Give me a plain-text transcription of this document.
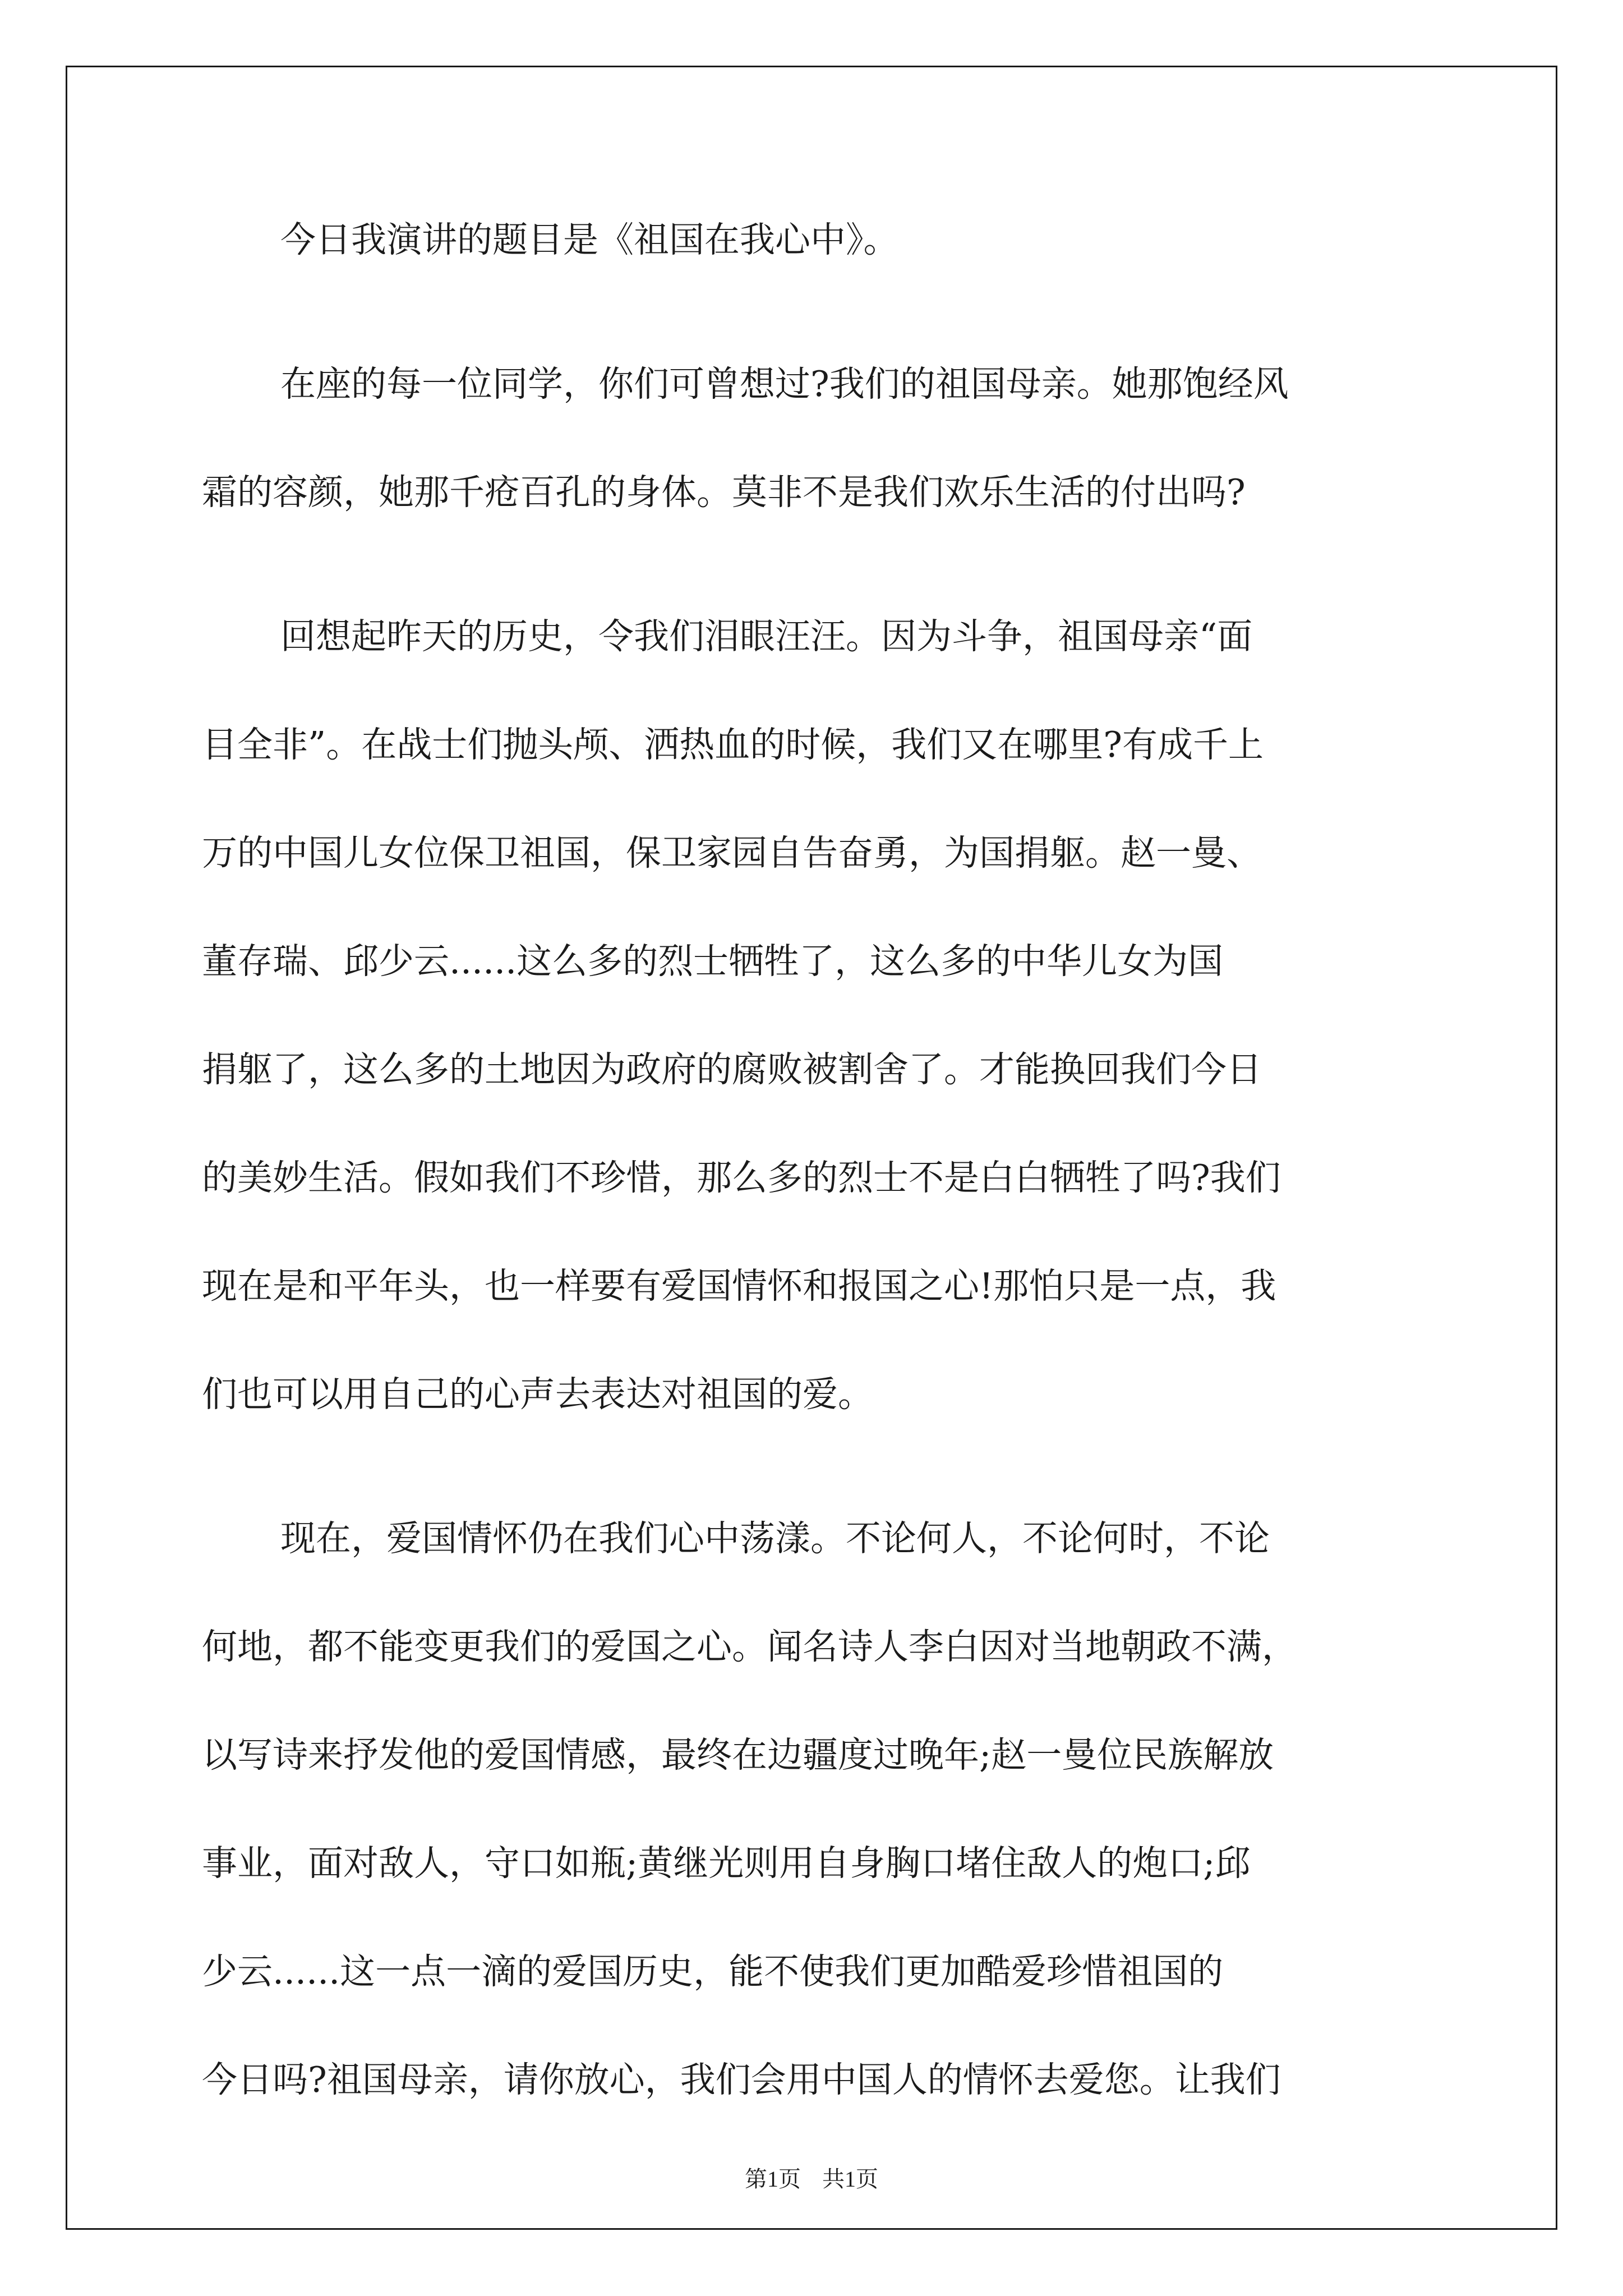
今日我演讲的题目是《祖国在我心中》。

在座的每一位同学，你们可曾想过?我们的祖国母亲。她那饱经风

霜的容颜，她那千疮百孔的身体。莫非不是我们欢乐生活的付出吗?

回想起昨天的历史，令我们泪眼汪汪。因为斗争，祖国母亲“面

目全非”。在战士们抛头颅、洒热血的时候，我们又在哪里?有成千上

万的中国儿女位保卫祖国，保卫家园自告奋勇，为国捐躯。赵一曼、

董存瑞、邱少云......这么多的烈士牺牲了，这么多的中华儿女为国

捐躯了，这么多的土地因为政府的腐败被割舍了。才能换回我们今日

的美妙生活。假如我们不珍惜，那么多的烈士不是白白牺牲了吗?我们

现在是和平年头，也一样要有爱国情怀和报国之心!那怕只是一点，我

们也可以用自己的心声去表达对祖国的爱。

现在，爱国情怀仍在我们心中荡漾。不论何人，不论何时，不论

何地，都不能变更我们的爱国之心。闻名诗人李白因对当地朝政不满，

以写诗来抒发他的爱国情感，最终在边疆度过晚年;赵一曼位民族解放

事业，面对敌人，守口如瓶;黄继光则用自身胸口堵住敌人的炮口;邱

少云......这一点一滴的爱国历史，能不使我们更加酷爱珍惜祖国的

今日吗?祖国母亲，请你放心，我们会用中国人的情怀去爱您。让我们

第1页 共1页
